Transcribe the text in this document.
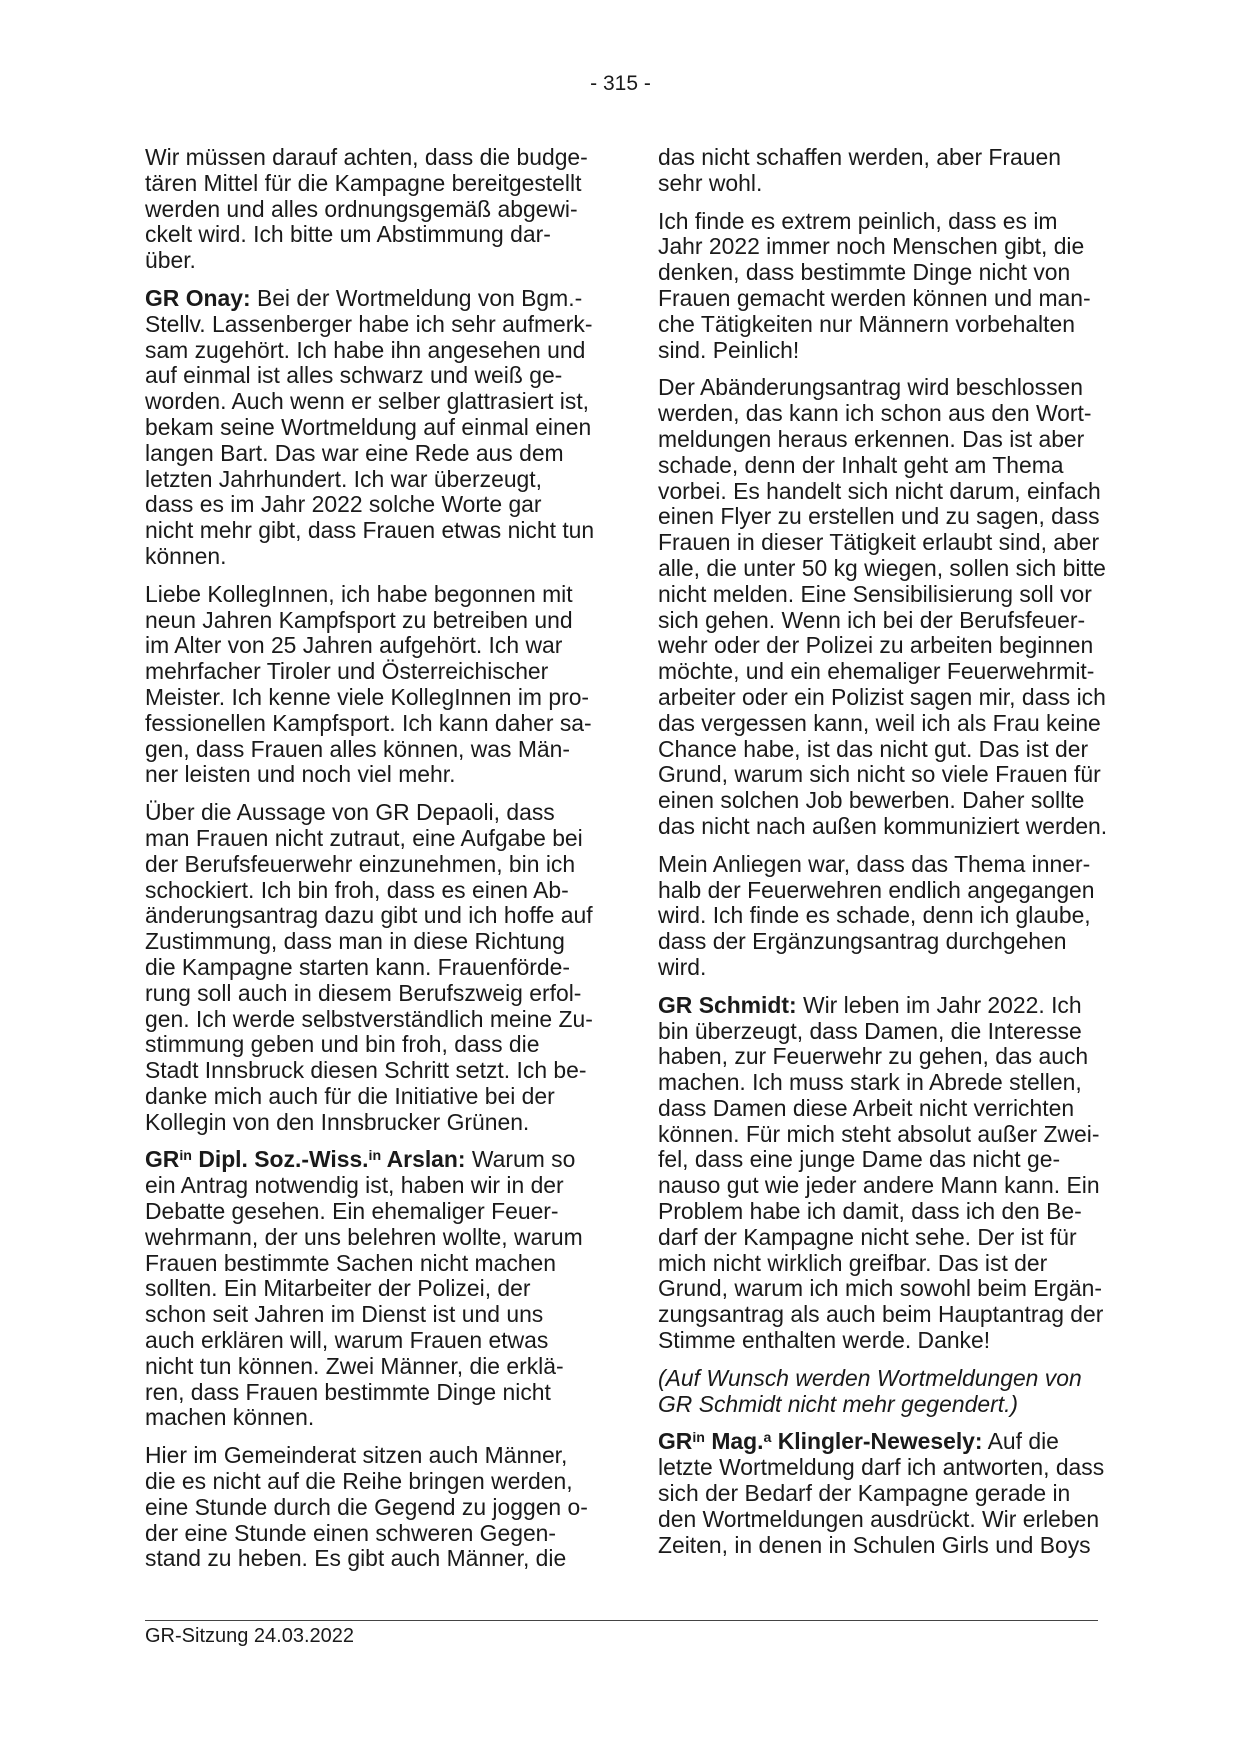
- 315 -

Wir müssen darauf achten, dass die budge-
tären Mittel für die Kampagne bereitgestellt
werden und alles ordnungsgemäß abgewi-
ckelt wird. Ich bitte um Abstimmung dar-
über.

GR Onay: Bei der Wortmeldung von Bgm.-
Stellv. Lassenberger habe ich sehr aufmerk-
sam zugehört. Ich habe ihn angesehen und
auf einmal ist alles schwarz und weiß ge-
worden. Auch wenn er selber glattrasiert ist,
bekam seine Wortmeldung auf einmal einen
langen Bart. Das war eine Rede aus dem
letzten Jahrhundert. Ich war überzeugt,
dass es im Jahr 2022 solche Worte gar
nicht mehr gibt, dass Frauen etwas nicht tun
können.

Liebe KollegInnen, ich habe begonnen mit
neun Jahren Kampfsport zu betreiben und
im Alter von 25 Jahren aufgehört. Ich war
mehrfacher Tiroler und Österreichischer
Meister. Ich kenne viele KollegInnen im pro-
fessionellen Kampfsport. Ich kann daher sa-
gen, dass Frauen alles können, was Män-
ner leisten und noch viel mehr.

Über die Aussage von GR Depaoli, dass
man Frauen nicht zutraut, eine Aufgabe bei
der Berufsfeuerwehr einzunehmen, bin ich
schockiert. Ich bin froh, dass es einen Ab-
änderungsantrag dazu gibt und ich hoffe auf
Zustimmung, dass man in diese Richtung
die Kampagne starten kann. Frauenförde-
rung soll auch in diesem Berufszweig erfol-
gen. Ich werde selbstverständlich meine Zu-
stimmung geben und bin froh, dass die
Stadt Innsbruck diesen Schritt setzt. Ich be-
danke mich auch für die Initiative bei der
Kollegin von den Innsbrucker Grünen.

$GR^{in}$ Dipl. Soz.-Wiss.$^{in}$ Arslan: Warum so
ein Antrag notwendig ist, haben wir in der
Debatte gesehen. Ein ehemaliger Feuer-
wehrmann, der uns belehren wollte, warum
Frauen bestimmte Sachen nicht machen
sollten. Ein Mitarbeiter der Polizei, der
schon seit Jahren im Dienst ist und uns
auch erklären will, warum Frauen etwas
nicht tun können. Zwei Männer, die erklä-
ren, dass Frauen bestimmte Dinge nicht
machen können.

Hier im Gemeinderat sitzen auch Männer,
die es nicht auf die Reihe bringen werden,
eine Stunde durch die Gegend zu joggen o-
der eine Stunde einen schweren Gegen-
stand zu heben. Es gibt auch Männer, die

das nicht schaffen werden, aber Frauen
sehr wohl.

Ich finde es extrem peinlich, dass es im
Jahr 2022 immer noch Menschen gibt, die
denken, dass bestimmte Dinge nicht von
Frauen gemacht werden können und man-
che Tätigkeiten nur Männern vorbehalten
sind. Peinlich!

Der Abänderungsantrag wird beschlossen
werden, das kann ich schon aus den Wort-
meldungen heraus erkennen. Das ist aber
schade, denn der Inhalt geht am Thema
vorbei. Es handelt sich nicht darum, einfach
einen Flyer zu erstellen und zu sagen, dass
Frauen in dieser Tätigkeit erlaubt sind, aber
alle, die unter 50 kg wiegen, sollen sich bitte
nicht melden. Eine Sensibilisierung soll vor
sich gehen. Wenn ich bei der Berufsfeuer-
wehr oder der Polizei zu arbeiten beginnen
möchte, und ein ehemaliger Feuerwehrmit-
arbeiter oder ein Polizist sagen mir, dass ich
das vergessen kann, weil ich als Frau keine
Chance habe, ist das nicht gut. Das ist der
Grund, warum sich nicht so viele Frauen für
einen solchen Job bewerben. Daher sollte
das nicht nach außen kommuniziert werden.

Mein Anliegen war, dass das Thema inner-
halb der Feuerwehren endlich angegangen
wird. Ich finde es schade, denn ich glaube,
dass der Ergänzungsantrag durchgehen
wird.

GR Schmidt: Wir leben im Jahr 2022. Ich
bin überzeugt, dass Damen, die Interesse
haben, zur Feuerwehr zu gehen, das auch
machen. Ich muss stark in Abrede stellen,
dass Damen diese Arbeit nicht verrichten
können. Für mich steht absolut außer Zwei-
fel, dass eine junge Dame das nicht ge-
nauso gut wie jeder andere Mann kann. Ein
Problem habe ich damit, dass ich den Be-
darf der Kampagne nicht sehe. Der ist für
mich nicht wirklich greifbar. Das ist der
Grund, warum ich mich sowohl beim Ergän-
zungsantrag als auch beim Hauptantrag der
Stimme enthalten werde. Danke!

(Auf Wunsch werden Wortmeldungen von
GR Schmidt nicht mehr gegendert.)

$GR^{in}$ Mag.$^a$ Klingler-Newesely: Auf die
letzte Wortmeldung darf ich antworten, dass
sich der Bedarf der Kampagne gerade in
den Wortmeldungen ausdrückt. Wir erleben
Zeiten, in denen in Schulen Girls und Boys

GR-Sitzung 24.03.2022
